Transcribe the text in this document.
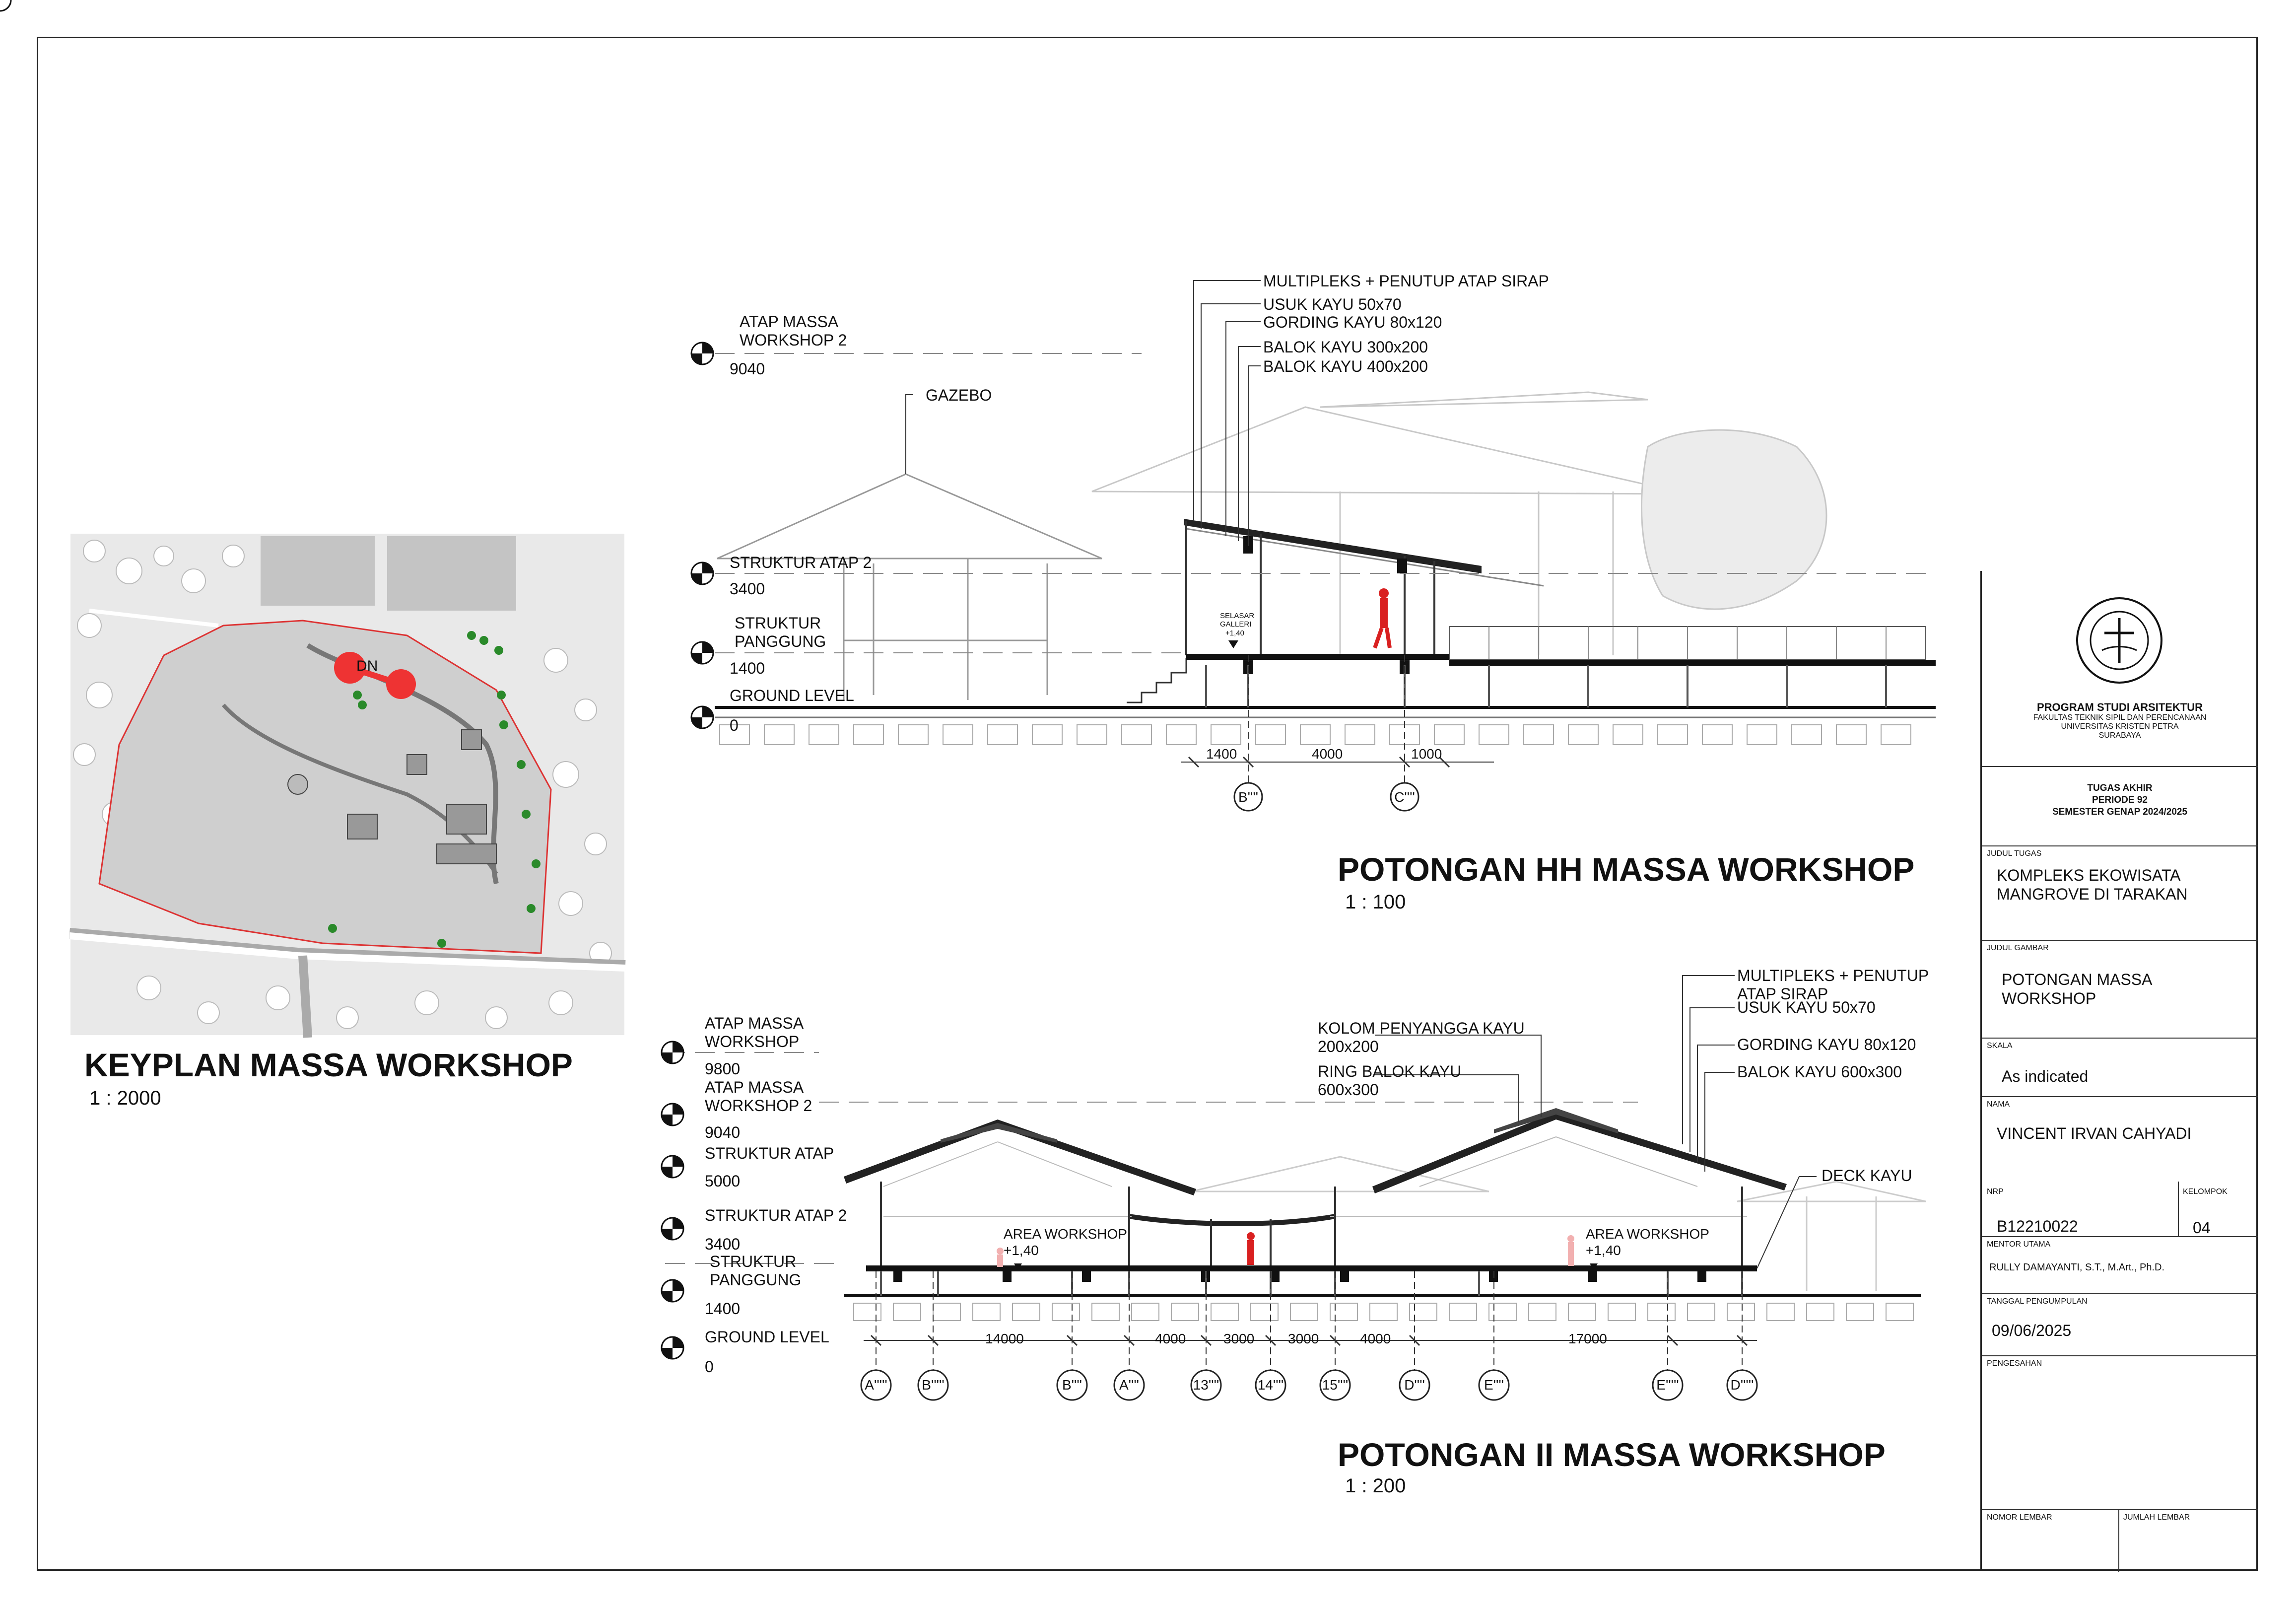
DN
KEYPLAN MASSA WORKSHOP
1 : 2000
ATAP MASSA WORKSHOP 2
9040
STRUKTUR ATAP 2
3400
STRUKTUR PANGGUNG
1400
GROUND LEVEL
0
MULTIPLEKS + PENUTUP ATAP SIRAP
USUK KAYU 50x70
GORDING KAYU 80x120
BALOK KAYU 300x200
BALOK KAYU 400x200
GAZEBO
SELASAR GALLERI +1,40
1400	4000	1000
B''''	C''''
POTONGAN HH MASSA WORKSHOP
1 : 100
ATAP MASSA WORKSHOP
9800
ATAP MASSA WORKSHOP 2
9040
STRUKTUR ATAP
5000
STRUKTUR ATAP 2
3400
STRUKTUR PANGGUNG
1400
GROUND LEVEL
0
MULTIPLEKS + PENUTUP ATAP SIRAP
USUK KAYU 50x70
GORDING KAYU 80x120
BALOK KAYU 600x300
KOLOM PENYANGGA KAYU 200x200
RING BALOK KAYU 600x300
DECK KAYU
AREA WORKSHOP
+1,40
AREA WORKSHOP
+1,40
14000	4000	3000 3000	4000	17000
A'''''	B'''''	B''''	A''''	13''''	14''''	15''''	D''''	E''''	E'''''	D'''''
POTONGAN II MASSA WORKSHOP
1 : 200
PROGRAM STUDI ARSITEKTUR
FAKULTAS TEKNIK SIPIL DAN PERENCANAAN
UNIVERSITAS KRISTEN PETRA
SURABAYA
TUGAS AKHIR
PERIODE 92
SEMESTER GENAP 2024/2025
JUDUL TUGAS
KOMPLEKS EKOWISATA
MANGROVE DI TARAKAN
JUDUL GAMBAR
POTONGAN MASSA
WORKSHOP
SKALA
As indicated
NAMA
VINCENT IRVAN CAHYADI
NRP
B12210022
KELOMPOK
04
MENTOR UTAMA
RULLY DAMAYANTI, S.T., M.Art., Ph.D.
TANGGAL PENGUMPULAN
09/06/2025
PENGESAHAN
NOMOR LEMBAR	JUMLAH LEMBAR
